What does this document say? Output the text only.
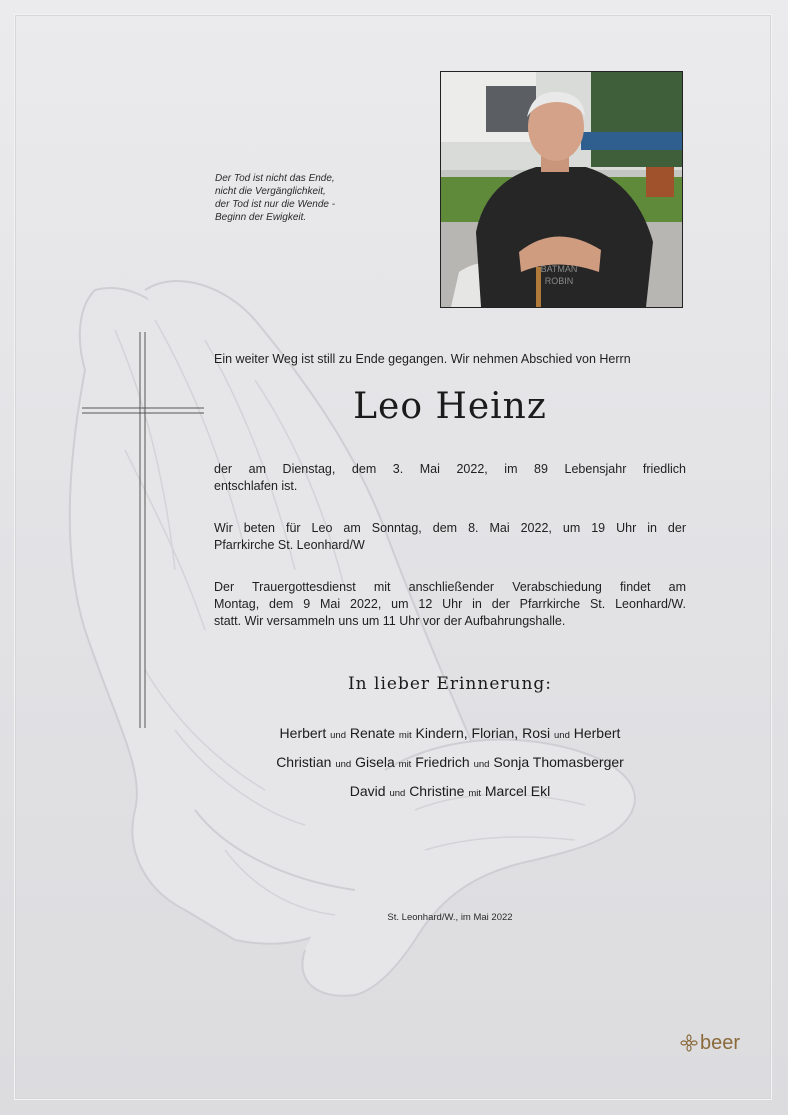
Der Tod ist nicht das Ende,
nicht die Vergänglichkeit,
der Tod ist nur die Wende -
Beginn der Ewigkeit.
BATMAN
ROBIN
Ein weiter Weg ist still zu Ende gegangen. Wir nehmen Abschied von Herrn
Leo Heinz
der am Dienstag, dem 3. Mai 2022, im 89 Lebensjahr friedlich
entschlafen ist.
Wir beten für Leo am Sonntag, dem 8. Mai 2022, um 19 Uhr in der
Pfarrkirche St. Leonhard/W
Der Trauergottesdienst mit anschließender Verabschiedung findet am
Montag, dem 9 Mai 2022, um 12 Uhr in der Pfarrkirche St. Leonhard/W.
statt. Wir versammeln uns um 11 Uhr vor der Aufbahrungshalle.
In lieber Erinnerung:
Herbert und Renate mit Kindern, Florian, Rosi und Herbert
Christian und Gisela mit Friedrich und Sonja Thomasberger
David und Christine mit Marcel Ekl
St. Leonhard/W., im Mai 2022
beer
